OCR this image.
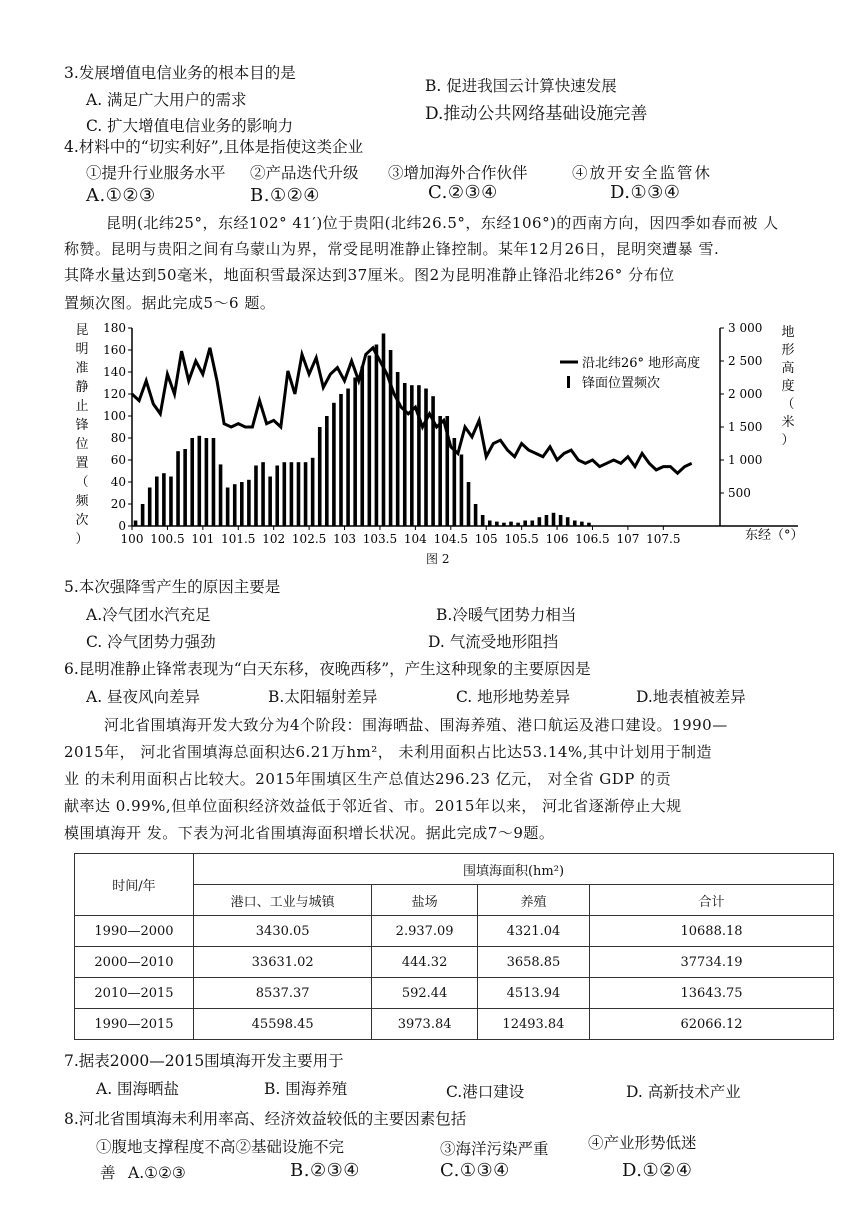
3.发展增值电信业务的根本目的是
B. 促进我国云计算快速发展
A. 满足广大用户的需求
D.推动公共网络基础设施完善
C. 扩大增值电信业务的影响力
4.材料中的“切实利好”,且体是指使这类企业
①提升行业服务水平 ②产品迭代升级 ③增加海外合作伙伴	④放开安全监管休
A.①②③	B.①②④	C.②③④	D.①③④
昆明(北纬25°，东经102° 41′)位于贵阳(北纬26.5°，东经106°)的西南方向，因四季如春而被 人
称赞。昆明与贵阳之间有乌蒙山为界，常受昆明准静止锋控制。某年12月26日，昆明突遭暴 雪.
其降水量达到50毫米，地面积雪最深达到37厘米。图2为昆明准静止锋沿北纬26° 分布位
置频次图。据此完成5～6 题。
0
20
40
60
80
100
120
140
160
180
500
1 000
1 500
2 000
2 500
3 000
100 100.5 101 101.5 102 102.5 103 103.5 104 104.5 105 105.5 106 106.5 107 107.5
昆
明
准
静
止
锋
位
置
（
频
次
）
地
形
高
度
（
米
）
沿北纬26° 地形高度
锋面位置频次
东经（°）
图 2
5.本次强降雪产生的原因主要是
A.冷气团水汽充足	B.冷暖气团势力相当
C. 冷气团势力强劲	D. 气流受地形阻挡
6.昆明准静止锋常表现为“白天东移，夜晚西移”，产生这种现象的主要原因是
A. 昼夜风向差异	B.太阳辐射差异	C. 地形地势差异	D.地表植被差异
河北省围填海开发大致分为4个阶段：围海晒盐、围海养殖、港口航运及港口建设。1990—
2015年， 河北省围填海总面积达6.21万hm²， 未利用面积占比达53.14%,其中计划用于制造
业 的未利用面积占比较大。2015年围填区生产总值达296.23 亿元， 对全省 GDP 的贡
献率达 0.99%,但单位面积经济效益低于邻近省、市。2015年以来， 河北省逐渐停止大规
模围填海开 发。下表为河北省围填海面积增长状况。据此完成7～9题。
时间/年	围填海面积(hm²)			
	港口、工业与城镇	盐场	养殖	合计
1990—2000	3430.05	2.937.09	4321.04	10688.18
2000—2010	33631.02	444.32	3658.85	37734.19
2010—2015	8537.37	592.44	4513.94	13643.75
1990—2015	45598.45	3973.84	12493.84	62066.12
7.据表2000—2015围填海开发主要用于
A. 围海晒盐	B. 围海养殖	C.港口建设	D. 高新技术产业
8.河北省围填海未利用率高、经济效益较低的主要因素包括
①腹地支撑程度不高②基础设施不完	③海洋污染严重	④产业形势低迷
善 A.①②③	B.②③④	C.①③④	D.①②④
